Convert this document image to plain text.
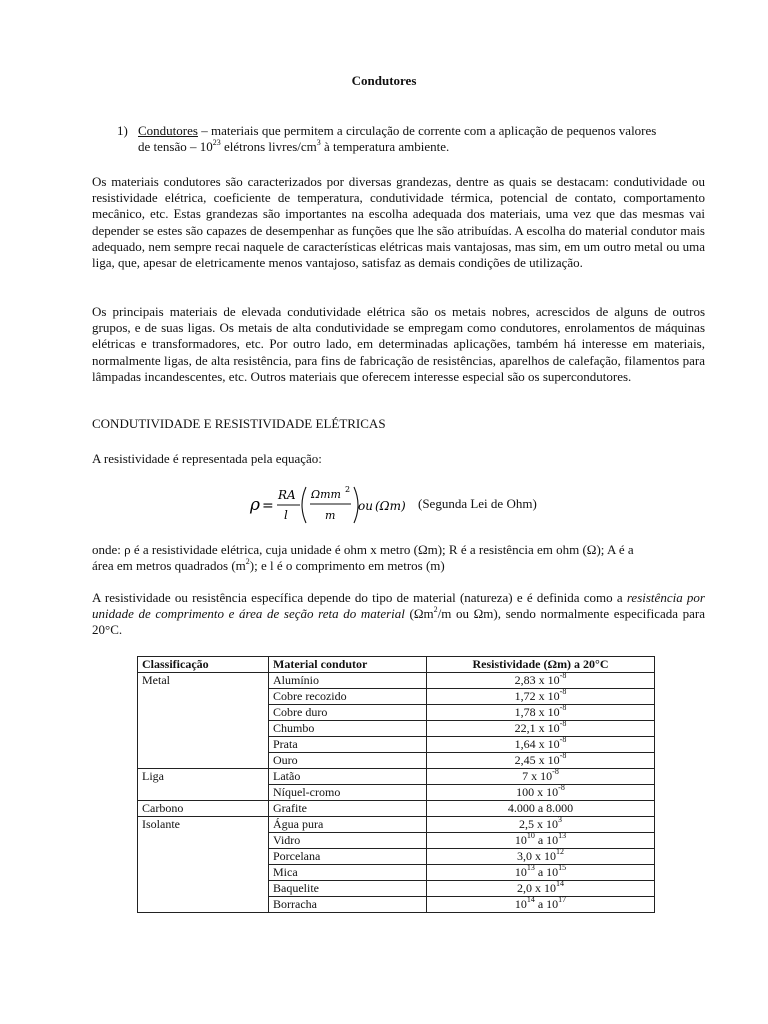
Condutores
1) Condutores – materiais que permitem a circulação de corrente com a aplicação de pequenos valores
de tensão – $10^{23}$ elétrons livres/$cm^3$ à temperatura ambiente.
Os materiais condutores são caracterizados por diversas grandezas, dentre as quais se destacam: condutividade ou resistividade elétrica, coeficiente de temperatura, condutividade térmica, potencial de contato, comportamento mecânico, etc. Estas grandezas são importantes na escolha adequada dos materiais, uma vez que das mesmas vai depender se estes são capazes de desempenhar as funções que lhe são atribuídas. A escolha do material condutor mais adequado, nem sempre recai naquele de características elétricas mais vantajosas, mas sim, em um outro metal ou uma liga, que, apesar de eletricamente menos vantajoso, satisfaz as demais condições de utilização.
Os principais materiais de elevada condutividade elétrica são os metais nobres, acrescidos de alguns de outros grupos, e de suas ligas. Os metais de alta condutividade se empregam como condutores, enrolamentos de máquinas elétricas e transformadores, etc. Por outro lado, em determinadas aplicações, também há interesse em materiais, normalmente ligas, de alta resistência, para fins de fabricação de resistências, aparelhos de calefação, filamentos para lâmpadas incandescentes, etc. Outros materiais que oferecem interesse especial são os supercondutores.
CONDUTIVIDADE E RESISTIVIDADE ELÉTRICAS
A resistividade é representada pela equação:
ρ =
RA
l
Ωmm 2
m
ou (Ωm) (Segunda Lei de Ohm)
onde: ρ é a resistividade elétrica, cuja unidade é ohm x metro (Ωm); R é a resistência em ohm (Ω); A é a
área em metros quadrados $(m^2)$; e l é o comprimento em metros (m)
A resistividade ou resistência específica depende do tipo de material (natureza) e é definida como a resistência por unidade de comprimento e área de seção reta do material ($\Omega m^2/m$ ou Ωm), sendo normalmente especificada para 20°C.
Classificação	Material condutor	Resistividade (Ωm) a 20°C
Metal	Alumínio	2,83 x $10^{-8}$
	Cobre recozido	1,72 x $10^{-8}$
	Cobre duro	1,78 x $10^{-8}$
	Chumbo	22,1 x $10^{-8}$
	Prata	1,64 x $10^{-8}$
	Ouro	2,45 x $10^{-8}$
Liga	Latão	7 x $10^{-8}$
	Níquel-cromo	100 x $10^{-8}$
Carbono	Grafite	4.000 a 8.000
Isolante	Água pura	2,5 x $10^3$
	Vidro	$10^{10}$ a $10^{13}$
	Porcelana	3,0 x $10^{12}$
	Mica	$10^{13}$ a $10^{15}$
	Baquelite	2,0 x $10^{14}$
	Borracha	$10^{14}$ a $10^{17}$
